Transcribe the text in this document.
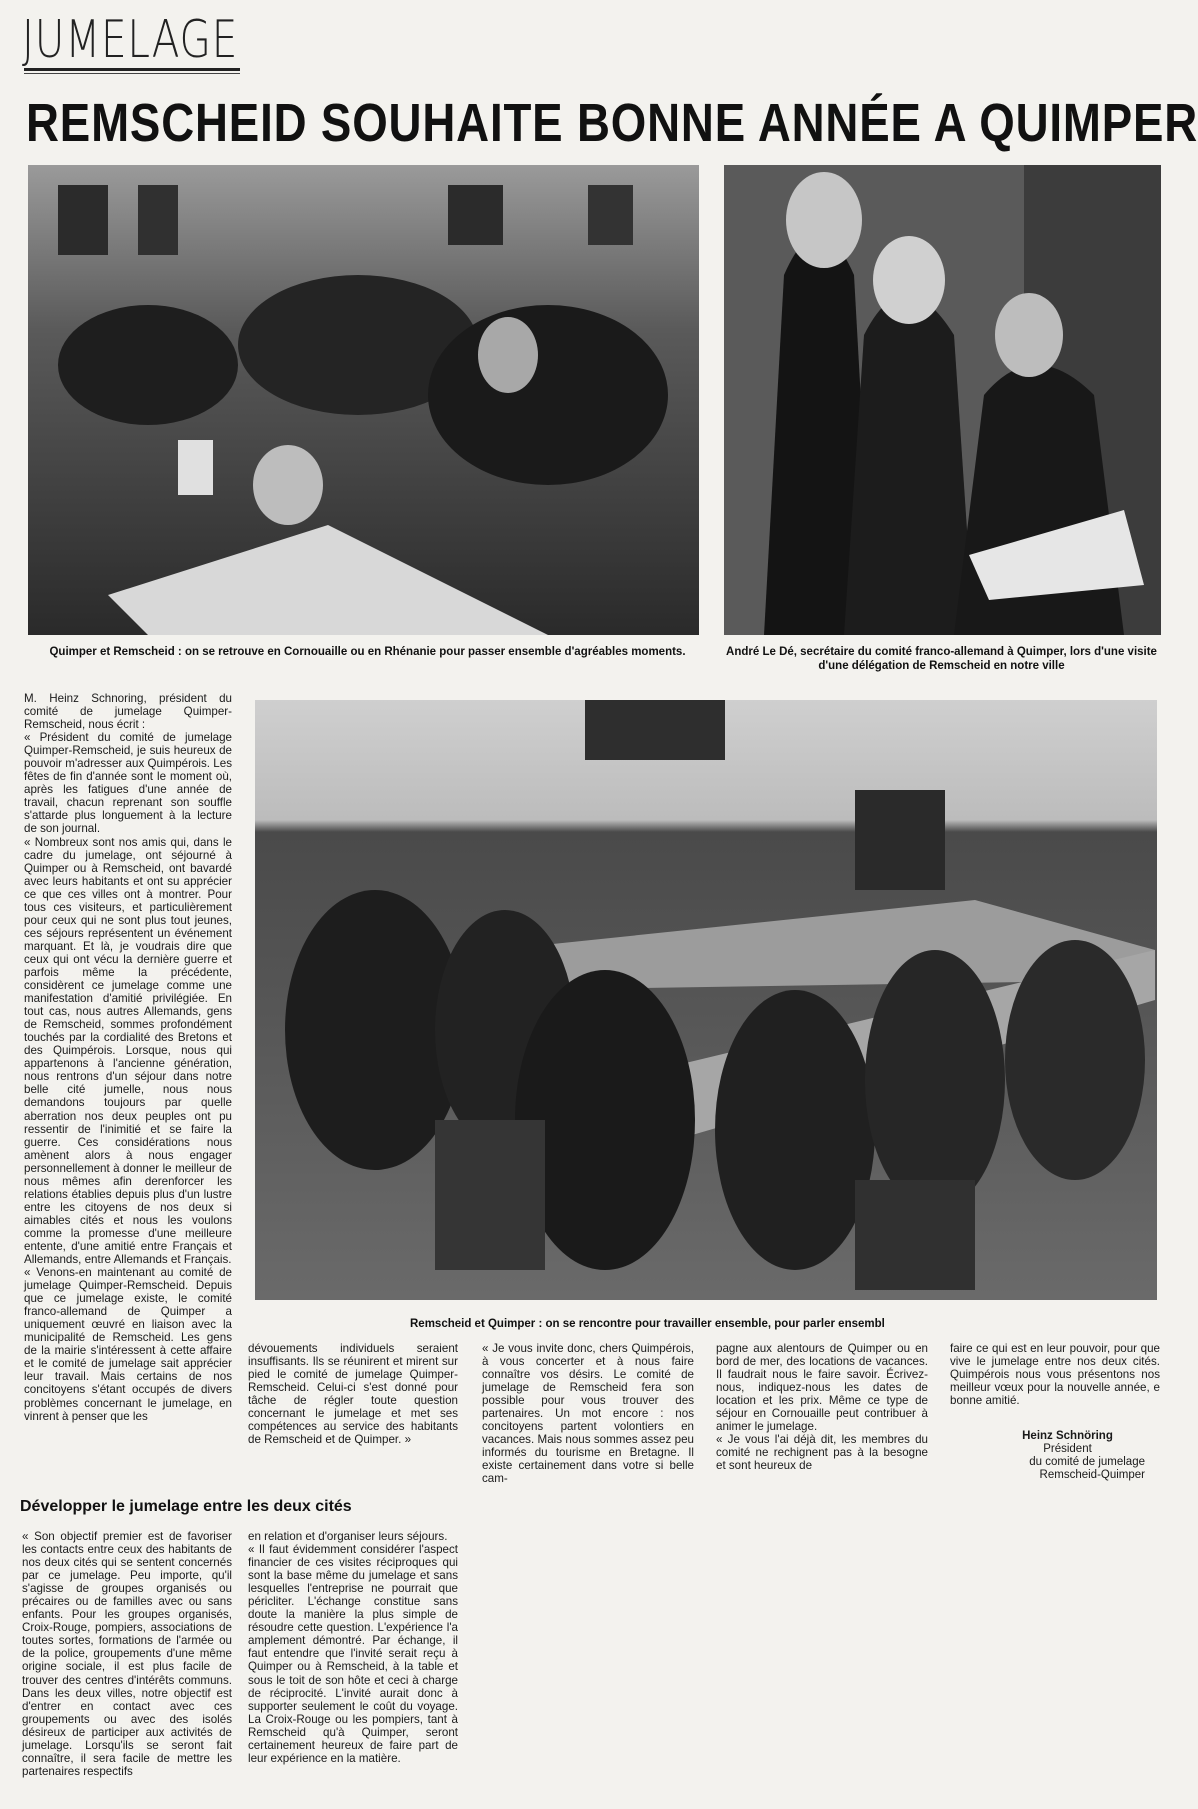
JUMELAGE
REMSCHEID SOUHAITE BONNE ANNÉE A QUIMPER
Quimper et Remscheid : on se retrouve en Cornouaille ou en Rhénanie pour passer ensemble d'agréables moments.	André Le Dé, secrétaire du comité franco-allemand à Quimper, lors d'une visite d'une délégation de Remscheid en notre ville
Remscheid et Quimper : on se rencontre pour travailler ensemble, pour parler ensembl
M. Heinz Schnoring, président du comité de jumelage Quimper-Remscheid, nous écrit :
« Président du comité de jumelage Quimper-Remscheid, je suis heureux de pouvoir m'adresser aux Quimpérois. Les fêtes de fin d'année sont le moment où, après les fatigues d'une année de travail, chacun reprenant son souffle s'attarde plus longuement à la lecture de son journal.
« Nombreux sont nos amis qui, dans le cadre du jumelage, ont séjourné à Quimper ou à Remscheid, ont bavardé avec leurs habitants et ont su apprécier ce que ces villes ont à montrer. Pour tous ces visiteurs, et particulièrement pour ceux qui ne sont plus tout jeunes, ces séjours représentent un événement marquant. Et là, je voudrais dire que ceux qui ont vécu la dernière guerre et parfois même la précédente, considèrent ce jumelage comme une manifestation d'amitié privilégiée. En tout cas, nous autres Allemands, gens de Remscheid, sommes profondément touchés par la cordialité des Bretons et des Quimpérois. Lorsque, nous qui appartenons à l'ancienne génération, nous rentrons d'un séjour dans notre belle cité jumelle, nous nous demandons toujours par quelle aberration nos deux peuples ont pu ressentir de l'inimitié et se faire la guerre. Ces considérations nous amènent alors à nous engager personnellement à donner le meilleur de nous mêmes afin derenforcer les relations établies depuis plus d'un lustre entre les citoyens de nos deux si aimables cités et nous les voulons comme la promesse d'une meilleure entente, d'une amitié entre Français et Allemands, entre Allemands et Français.
« Venons-en maintenant au comité de jumelage Quimper-Remscheid. Depuis que ce jumelage existe, le comité franco-allemand de Quimper a uniquement œuvré en liaison avec la municipalité de Remscheid. Les gens de la mairie s'intéressent à cette affaire et le comité de jumelage sait apprécier leur travail. Mais certains de nos concitoyens s'étant occupés de divers problèmes concernant le jumelage, en vinrent à penser que les
dévouements individuels seraient insuffisants. Ils se réunirent et mirent sur pied le comité de jumelage Quimper-Remscheid. Celui-ci s'est donné pour tâche de régler toute question concernant le jumelage et met ses compétences au service des habitants de Remscheid et de Quimper. »
« Je vous invite donc, chers Quimpérois, à vous concerter et à nous faire connaître vos désirs. Le comité de jumelage de Remscheid fera son possible pour vous trouver des partenaires. Un mot encore : nos concitoyens partent volontiers en vacances. Mais nous sommes assez peu informés du tourisme en Bretagne. Il existe certainement dans votre si belle cam-
pagne aux alentours de Quimper ou en bord de mer, des locations de vacances. Il faudrait nous le faire savoir. Écrivez-nous, indiquez-nous les dates de location et les prix. Même ce type de séjour en Cornouaille peut contribuer à animer le jumelage.
« Je vous l'ai déjà dit, les membres du comité ne rechignent pas à la besogne et sont heureux de
faire ce qui est en leur pouvoir, pour que vive le jumelage entre nos deux cités. Quimpérois nous vous présentons nos meilleur vœux pour la nouvelle année, e bonne amitié.
Heinz Schnöring
Président
du comité de jumelage
Remscheid-Quimper
Développer le jumelage entre les deux cités
« Son objectif premier est de favoriser les contacts entre ceux des habitants de nos deux cités qui se sentent concernés par ce jumelage. Peu importe, qu'il s'agisse de groupes organisés ou précaires ou de familles avec ou sans enfants. Pour les groupes organisés, Croix-Rouge, pompiers, associations de toutes sortes, formations de l'armée ou de la police, groupements d'une même origine sociale, il est plus facile de trouver des centres d'intérêts communs. Dans les deux villes, notre objectif est d'entrer en contact avec ces groupements ou avec des isolés désireux de participer aux activités de jumelage. Lorsqu'ils se seront fait connaître, il sera facile de mettre les partenaires respectifs
en relation et d'organiser leurs séjours.
« Il faut évidemment considérer l'aspect financier de ces visites réciproques qui sont la base même du jumelage et sans lesquelles l'entreprise ne pourrait que péricliter. L'échange constitue sans doute la manière la plus simple de résoudre cette question. L'expérience l'a amplement démontré. Par échange, il faut entendre que l'invité serait reçu à Quimper ou à Remscheid, à la table et sous le toit de son hôte et ceci à charge de réciprocité. L'invité aurait donc à supporter seulement le coût du voyage. La Croix-Rouge ou les pompiers, tant à Remscheid qu'à Quimper, seront certainement heureux de faire part de leur expérience en la matière.
